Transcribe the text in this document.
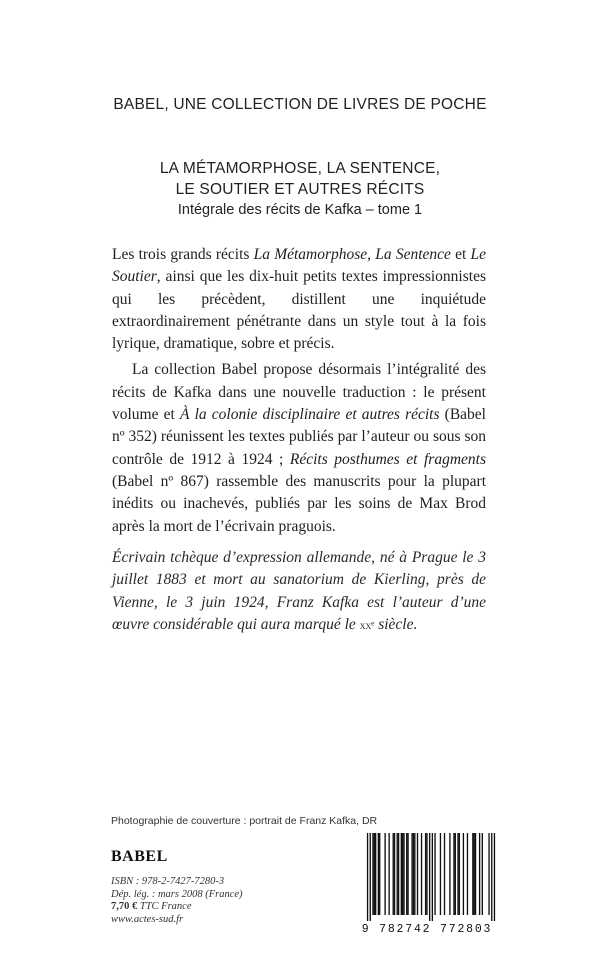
BABEL, UNE COLLECTION DE LIVRES DE POCHE
LA MÉTAMORPHOSE, LA SENTENCE,
LE SOUTIER ET AUTRES RÉCITS
Intégrale des récits de Kafka – tome 1

Les trois grands récits La Métamorphose, La Sentence et Le Soutier, ainsi que les dix-huit petits textes impressionnistes qui les précèdent, distillent une inquiétude extraordinairement pénétrante dans un style tout à la fois lyrique, dramatique, sobre et précis.

La collection Babel propose désormais l’intégralité des récits de Kafka dans une nouvelle traduction : le présent volume et À la colonie disciplinaire et autres récits (Babel nº 352) réunissent les textes publiés par l’auteur ou sous son contrôle de 1912 à 1924 ; Récits posthumes et fragments (Babel nº 867) rassemble des manuscrits pour la plupart inédits ou inachevés, publiés par les soins de Max Brod après la mort de l’écrivain praguois.

Écrivain tchèque d’expression allemande, né à Prague le 3 juillet 1883 et mort au sanatorium de Kierling, près de Vienne, le 3 juin 1924, Franz Kafka est l’auteur d’une œuvre considérable qui aura marqué le xxᵉ siècle.
Photographie de couverture : portrait de Franz Kafka, DR
BABEL
ISBN : 978-2-7427-7280-3
Dép. lég. : mars 2008 (France)
7,70 € TTC France
www.actes-sud.fr
9 782742 772803
